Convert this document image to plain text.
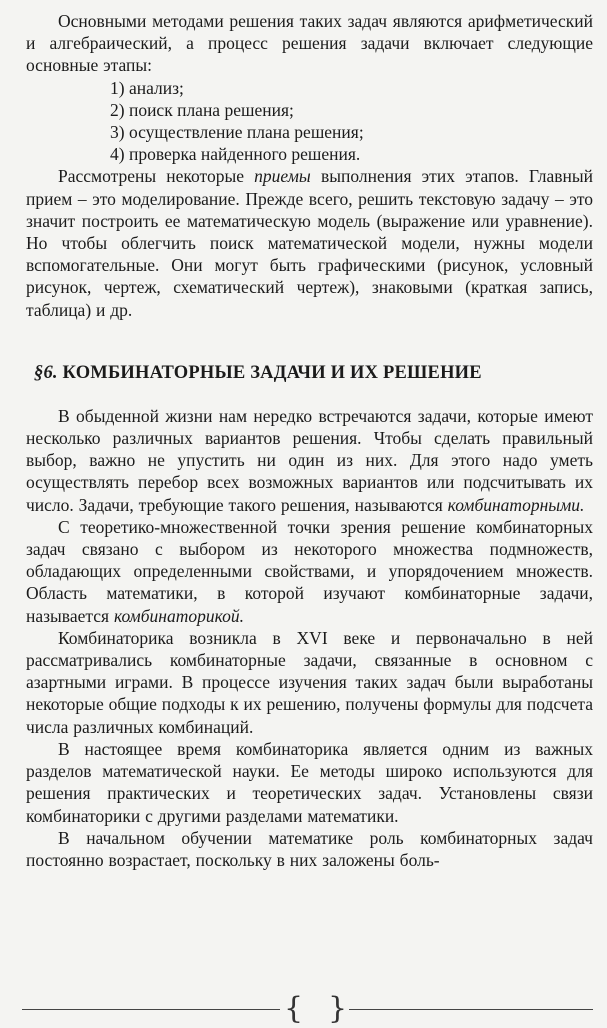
Основными методами решения таких задач являются арифметический и алгебраический, а процесс решения задачи включает следующие основные этапы:

1) анализ;
2) поиск плана решения;
3) осуществление плана решения;
4) проверка найденного решения.

Рассмотрены некоторые приемы выполнения этих этапов. Главный прием – это моделирование. Прежде всего, решить текстовую задачу – это значит построить ее математическую модель (выражение или уравнение). Но чтобы облегчить поиск математической модели, нужны модели вспомогательные. Они могут быть графическими (рисунок, условный рисунок, чертеж, схематический чертеж), знаковыми (краткая запись, таблица) и др.

§6. КОМБИНАТОРНЫЕ ЗАДАЧИ И ИХ РЕШЕНИЕ

В обыденной жизни нам нередко встречаются задачи, которые имеют несколько различных вариантов решения. Чтобы сделать правильный выбор, важно не упустить ни один из них. Для этого надо уметь осуществлять перебор всех возможных вариантов или подсчитывать их число. Задачи, требующие такого решения, называются комбинаторными.

С теоретико-множественной точки зрения решение комбинаторных задач связано с выбором из некоторого множества подмножеств, обладающих определенными свойствами, и упорядочением множеств. Область математики, в которой изучают комбинаторные задачи, называется комбинаторикой.

Комбинаторика возникла в XVI веке и первоначально в ней рассматривались комбинаторные задачи, связанные в основном с азартными играми. В процессе изучения таких задач были выработаны некоторые общие подходы к их решению, получены формулы для подсчета числа различных комбинаций.

В настоящее время комбинаторика является одним из важных разделов математической науки. Ее методы широко используются для решения практических и теоретических задач. Установлены связи комбинаторики с другими разделами математики.

В начальном обучении математике роль комбинаторных задач постоянно возрастает, поскольку в них заложены боль-

{ }
